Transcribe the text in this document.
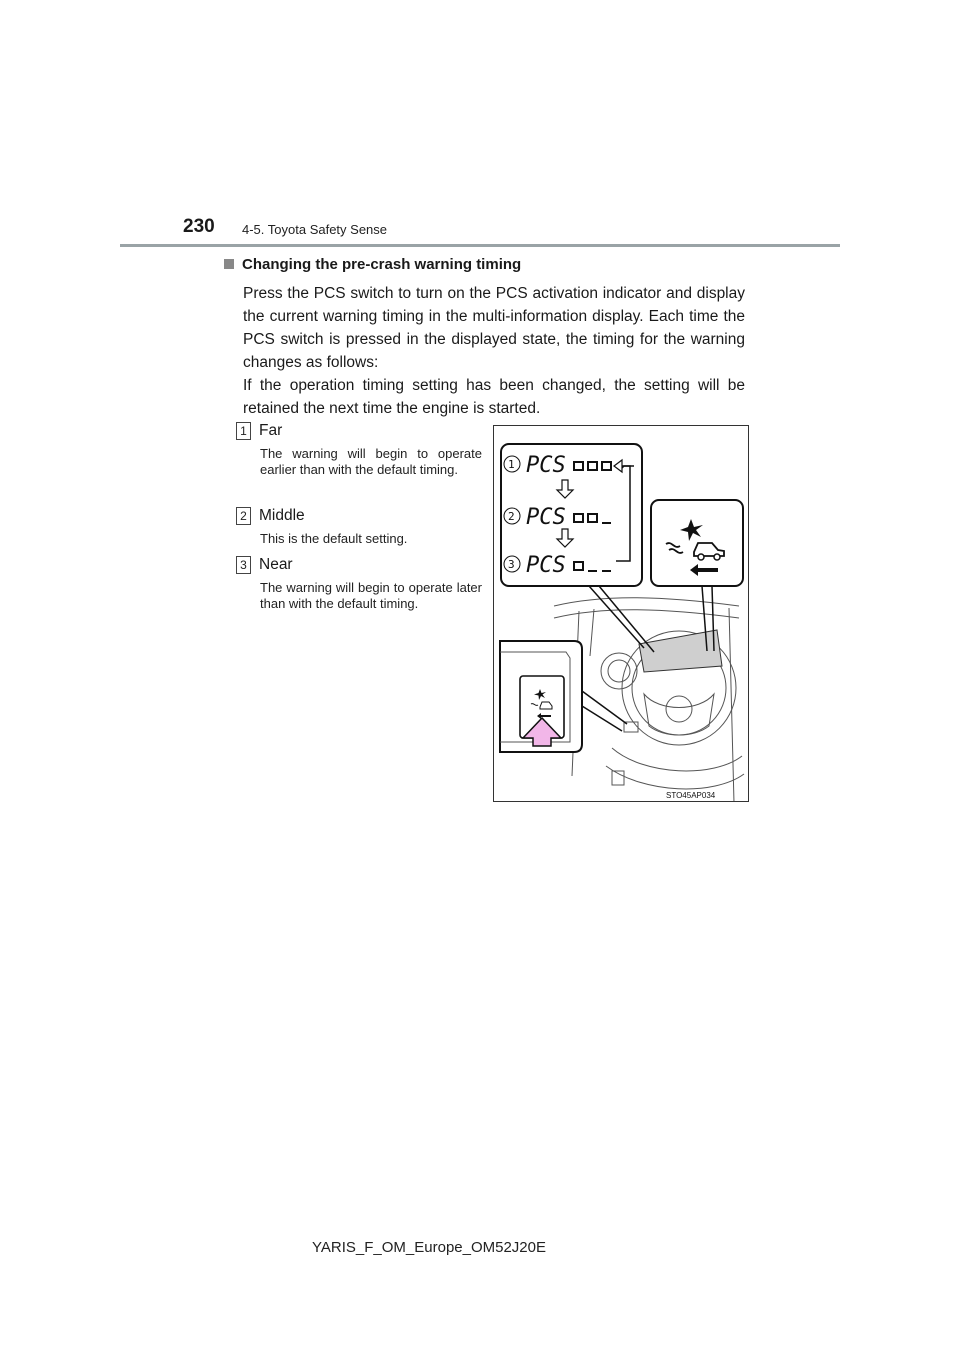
230 4-5. Toyota Safety Sense
Changing the pre-crash warning timing
Press the PCS switch to turn on the PCS activation indicator and display the current warning timing in the multi-information display. Each time the PCS switch is pressed in the displayed state, the timing for the warning changes as follows:
If the operation timing setting has been changed, the setting will be retained the next time the engine is started.
1 Far
The warning will begin to operate earlier than with the default timing.
2 Middle
This is the default setting.
3 Near
The warning will begin to operate later than with the default timing.
1
2
3
PCS
PCS
PCS
STO45AP034
YARIS_F_OM_Europe_OM52J20E
